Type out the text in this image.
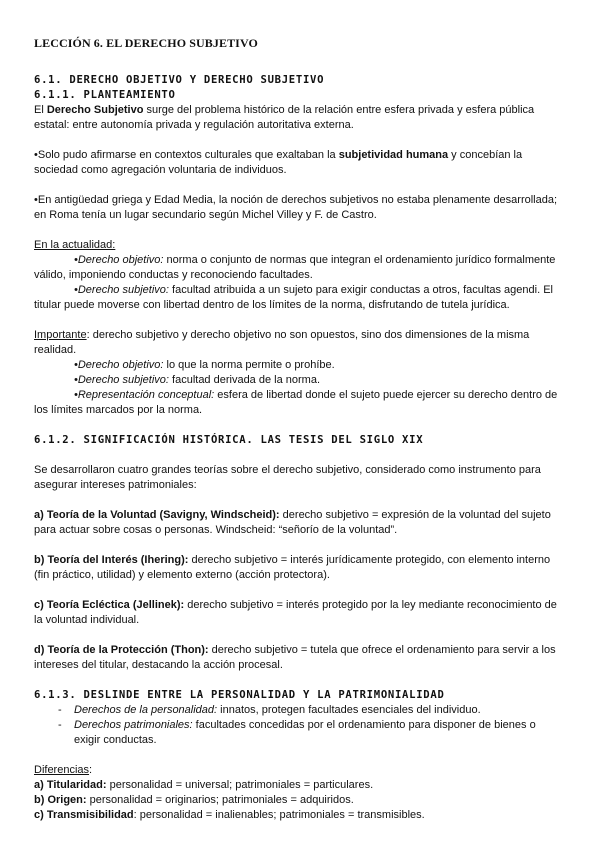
LECCIÓN 6. EL DERECHO SUBJETIVO
6.1. DERECHO OBJETIVO Y DERECHO SUBJETIVO
6.1.1. PLANTEAMIENTO

El Derecho Subjetivo surge del problema histórico de la relación entre esfera privada y esfera pública estatal: entre autonomía privada y regulación autoritativa externa.

•Solo pudo afirmarse en contextos culturales que exaltaban la subjetividad humana y concebían la sociedad como agregación voluntaria de individuos.

•En antigüedad griega y Edad Media, la noción de derechos subjetivos no estaba plenamente desarrollada; en Roma tenía un lugar secundario según Michel Villey y F. de Castro.

En la actualidad:

•Derecho objetivo: norma o conjunto de normas que integran el ordenamiento jurídico formalmente válido, imponiendo conductas y reconociendo facultades.

•Derecho subjetivo: facultad atribuida a un sujeto para exigir conductas a otros, facultas agendi. El titular puede moverse con libertad dentro de los límites de la norma, disfrutando de tutela jurídica.

Importante: derecho subjetivo y derecho objetivo no son opuestos, sino dos dimensiones de la misma realidad.

•Derecho objetivo: lo que la norma permite o prohíbe.

•Derecho subjetivo: facultad derivada de la norma.

•Representación conceptual: esfera de libertad donde el sujeto puede ejercer su derecho dentro de los límites marcados por la norma.

6.1.2. SIGNIFICACIÓN HISTÓRICA. LAS TESIS DEL SIGLO XIX

Se desarrollaron cuatro grandes teorías sobre el derecho subjetivo, considerado como instrumento para asegurar intereses patrimoniales:

a) Teoría de la Voluntad (Savigny, Windscheid): derecho subjetivo = expresión de la voluntad del sujeto para actuar sobre cosas o personas. Windscheid: “señorío de la voluntad”.

b) Teoría del Interés (Ihering): derecho subjetivo = interés jurídicamente protegido, con elemento interno (fin práctico, utilidad) y elemento externo (acción protectora).

c) Teoría Ecléctica (Jellinek): derecho subjetivo = interés protegido por la ley mediante reconocimiento de la voluntad individual.

d) Teoría de la Protección (Thon): derecho subjetivo = tutela que ofrece el ordenamiento para servir a los intereses del titular, destacando la acción procesal.

6.1.3. DESLINDE ENTRE LA PERSONALIDAD Y LA PATRIMONIALIDAD
- Derechos de la personalidad: innatos, protegen facultades esenciales del individuo.
- Derechos patrimoniales: facultades concedidas por el ordenamiento para disponer de bienes o exigir conductas.

Diferencias:

a) Titularidad: personalidad = universal; patrimoniales = particulares.

b) Origen: personalidad = originarios; patrimoniales = adquiridos.

c) Transmisibilidad: personalidad = inalienables; patrimoniales = transmisibles.
